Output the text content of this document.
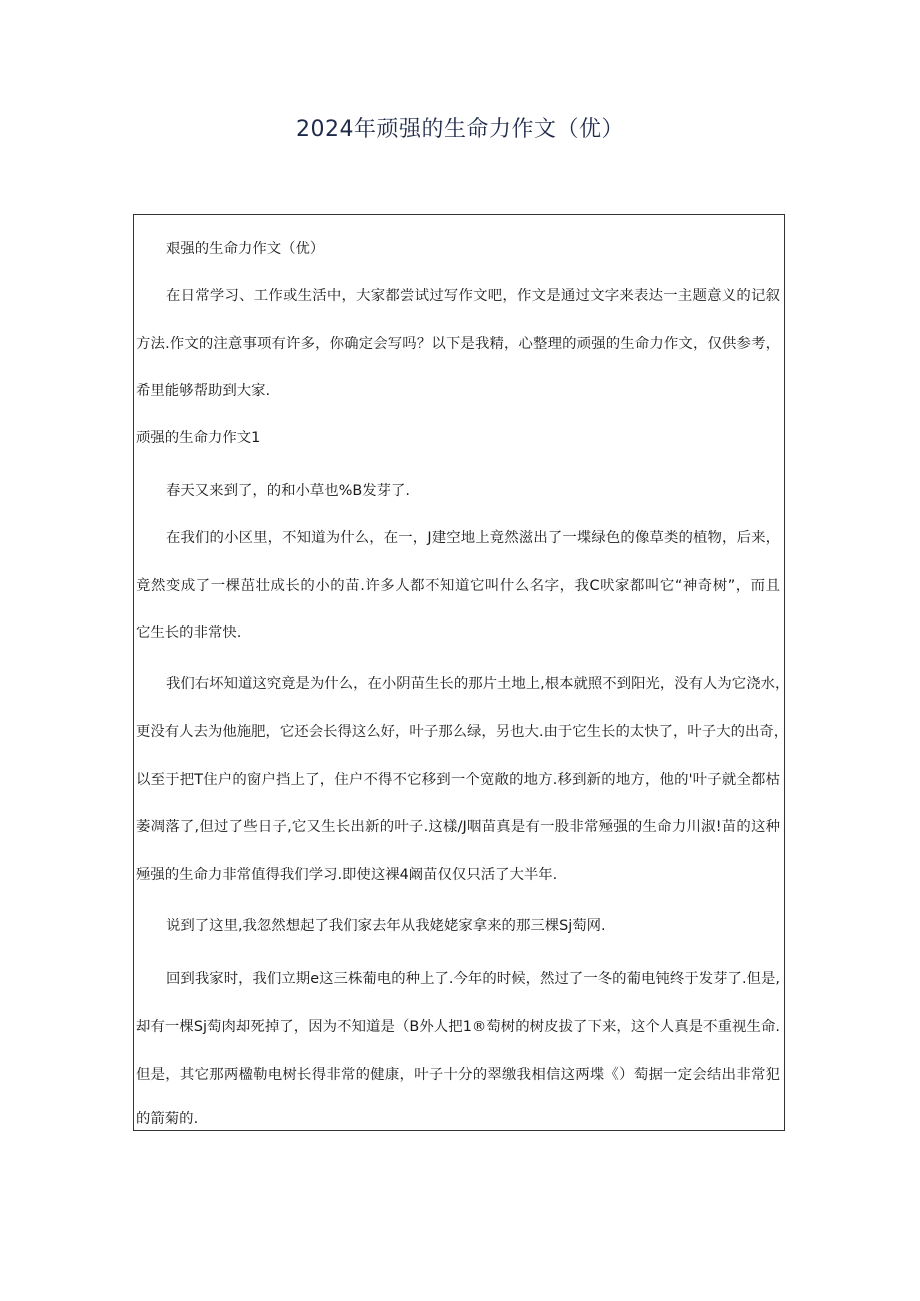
2024年顽强的生命力作文（优）
艰强的生命力作文（优）
在日常学习、工作或生活中，大家都尝试过写作文吧，作文是通过文字来表达一主题意义的记叙
方法.作文的注意事项有许多，你确定会写吗？以下是我精，心整理的顽强的生命力作文，仅供参考，
希里能够帮助到大家.
顽强的生命力作文1
春天又来到了，的和小草也%B发芽了.
在我们的小区里，不知道为什么，在一，J建空地上竟然滋出了一堞绿色的像草类的植物，后来，
竟然变成了一棵茁壮成长的小的苗.许多人都不知道它叫什么名字，我C吠家都叫它“神奇树”，而且
它生长的非常快.
我们右坏知道这究竟是为什么，在小阴苗生长的那片土地上,根本就照不到阳光，没有人为它浇水，
更没有人去为他施肥，它还会长得这么好，叶子那么绿，另也大.由于它生长的太快了，叶子大的出奇，
以至于把T住户的窗户挡上了，住户不得不它移到一个宽敞的地方.移到新的地方，他的'叶子就全都枯
萎凋落了,但过了些日子,它又生长出新的叶子.这樣/J咽苗真是有一股非常殛强的生命力川淑!苗的这种
殛强的生命力非常值得我们学习.即使这裸4阚苗仅仅只活了大半年.
说到了这里,我忽然想起了我们家去年从我姥姥家拿来的那三棵Sj萄网.
回到我家时，我们立期e这三株葡电的种上了.今年的时候，然过了一冬的葡电钝终于发芽了.但是,
却有一棵Sj萄肉却死掉了，因为不知道是（B外人把1®萄树的树皮拔了下来，这个人真是不重视生命.
但是，其它那两楹勒电树长得非常的健康，叶子十分的翠缴我相信这两堞《）萄据一定会结出非常犯
的箭菊的.
